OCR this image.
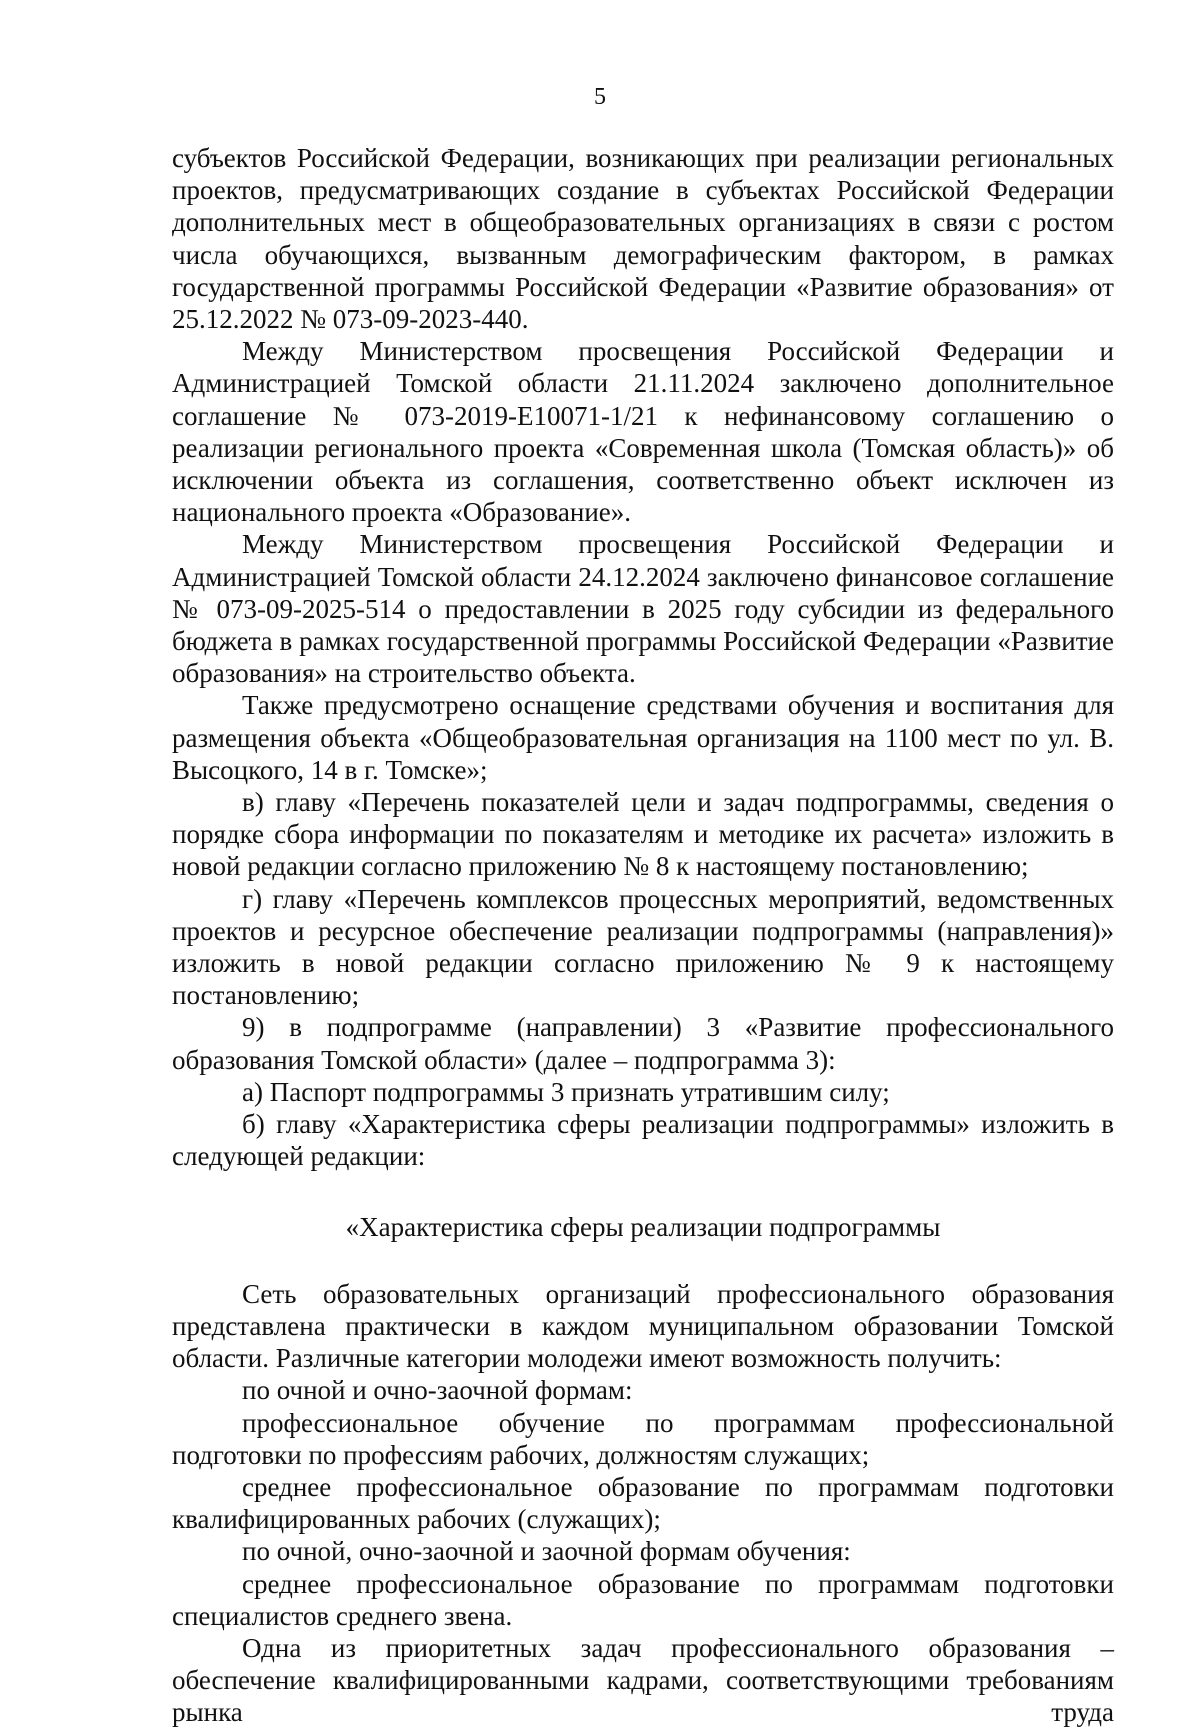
5

субъектов Российской Федерации, возникающих при реализации региональных проектов, предусматривающих создание в субъектах Российской Федерации дополнительных мест в общеобразовательных организациях в связи с ростом числа обучающихся, вызванным демографическим фактором, в рамках государственной программы Российской Федерации «Развитие образования» от 25.12.2022 № 073-09-2023-440.

Между Министерством просвещения Российской Федерации и Администрацией Томской области 21.11.2024 заключено дополнительное соглашение № 073-2019-Е10071-1/21 к нефинансовому соглашению о реализации регионального проекта «Современная школа (Томская область)» об исключении объекта из соглашения, соответственно объект исключен из национального проекта «Образование».

Между Министерством просвещения Российской Федерации и Администрацией Томской области 24.12.2024 заключено финансовое соглашение № 073-09-2025-514 о предоставлении в 2025 году субсидии из федерального бюджета в рамках государственной программы Российской Федерации «Развитие образования» на строительство объекта.

Также предусмотрено оснащение средствами обучения и воспитания для размещения объекта «Общеобразовательная организация на 1100 мест по ул. В. Высоцкого, 14 в г. Томске»;

в) главу «Перечень показателей цели и задач подпрограммы, сведения о порядке сбора информации по показателям и методике их расчета» изложить в новой редакции согласно приложению № 8 к настоящему постановлению;

г) главу «Перечень комплексов процессных мероприятий, ведомственных проектов и ресурсное обеспечение реализации подпрограммы (направления)» изложить в новой редакции согласно приложению № 9 к настоящему постановлению;

9) в подпрограмме (направлении) 3 «Развитие профессионального образования Томской области» (далее – подпрограмма 3):

а) Паспорт подпрограммы 3 признать утратившим силу;

б) главу «Характеристика сферы реализации подпрограммы» изложить в следующей редакции:

«Характеристика сферы реализации подпрограммы

Сеть образовательных организаций профессионального образования представлена практически в каждом муниципальном образовании Томской области. Различные категории молодежи имеют возможность получить:

по очной и очно-заочной формам:

профессиональное обучение по программам профессиональной подготовки по профессиям рабочих, должностям служащих;

среднее профессиональное образование по программам подготовки квалифицированных рабочих (служащих);

по очной, очно-заочной и заочной формам обучения:

среднее профессиональное образование по программам подготовки специалистов среднего звена.

Одна из приоритетных задач профессионального образования – обеспечение квалифицированными кадрами, соответствующими требованиям рынка труда
